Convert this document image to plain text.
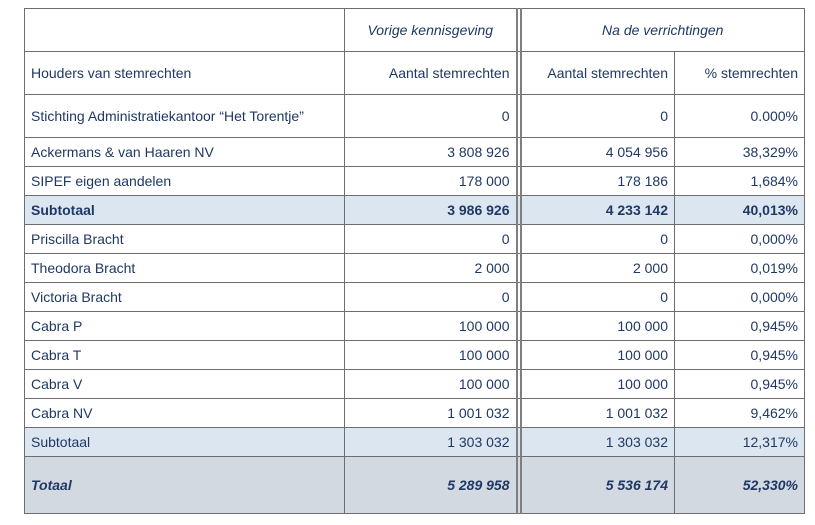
	Vorige kennisgeving		Na de verrichtingen	
Houders van stemrechten	Aantal stemrechten		Aantal stemrechten	% stemrechten
Stichting Administratiekantoor “Het Torentje”	0		0	0.000%
Ackermans & van Haaren NV	3 808 926		4 054 956	38,329%
SIPEF eigen aandelen	178 000		178 186	1,684%
Subtotaal	3 986 926		4 233 142	40,013%
Priscilla Bracht	0		0	0,000%
Theodora Bracht	2 000		2 000	0,019%
Victoria Bracht	0		0	0,000%
Cabra P	100 000		100 000	0,945%
Cabra T	100 000		100 000	0,945%
Cabra V	100 000		100 000	0,945%
Cabra NV	1 001 032		1 001 032	9,462%
Subtotaal	1 303 032		1 303 032	12,317%
Totaal	5 289 958		5 536 174	52,330%
